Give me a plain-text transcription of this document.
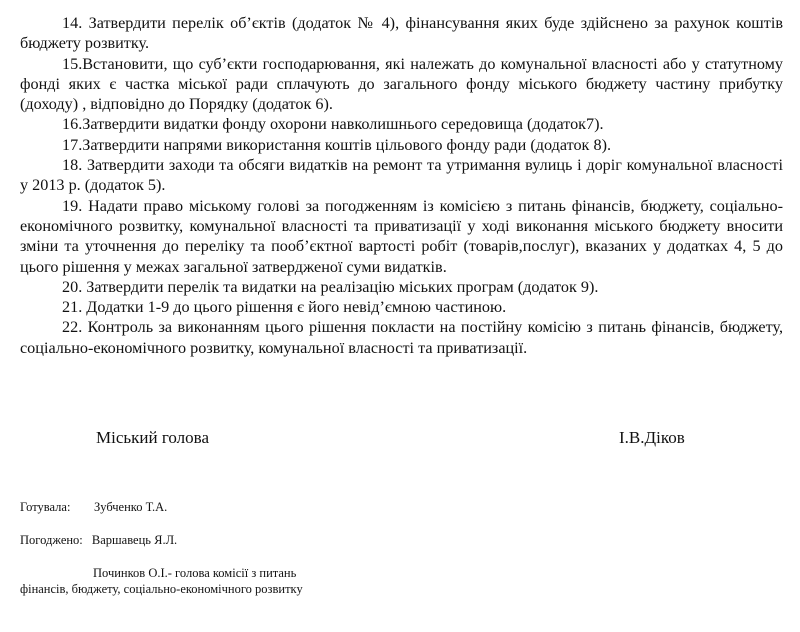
14. Затвердити перелік об’єктів (додаток № 4), фінансування яких буде здійснено за рахунок коштів бюджету розвитку.

15.Встановити, що суб’єкти господарювання, які належать до комунальної власності або у статутному фонді яких є частка міської ради сплачують до загального фонду міського бюджету частину прибутку (доходу) , відповідно до Порядку (додаток 6).

16.Затвердити видатки фонду охорони навколишнього середовища (додаток7).

17.Затвердити напрями використання коштів цільового фонду ради (додаток 8).

18. Затвердити заходи та обсяги видатків на ремонт та утримання вулиць і доріг комунальної власності у 2013 р. (додаток 5).

19. Надати право міському голові за погодженням із комісією з питань фінансів, бюджету, соціально- економічного розвитку, комунальної власності та приватизації у ході виконання міського бюджету вносити зміни та уточнення до переліку та пооб’єктної вартості робіт (товарів,послуг), вказаних у додатках 4, 5 до цього рішення у межах загальної затвердженої суми видатків.

20. Затвердити перелік та видатки на реалізацію міських програм (додаток 9).

21. Додатки 1-9 до цього рішення є його невід’ємною частиною.

22. Контроль за виконанням цього рішення покласти на постійну комісію з питань фінансів, бюджету, соціально-економічного розвитку, комунальної власності та приватизації.

Міський голова	І.В.Діков
Готувала: Зубченко Т.А.
Погоджено: Варшавець Я.Л.
Починков О.І.- голова комісії з питань
фінансів, бюджету, соціально-економічного розвитку
